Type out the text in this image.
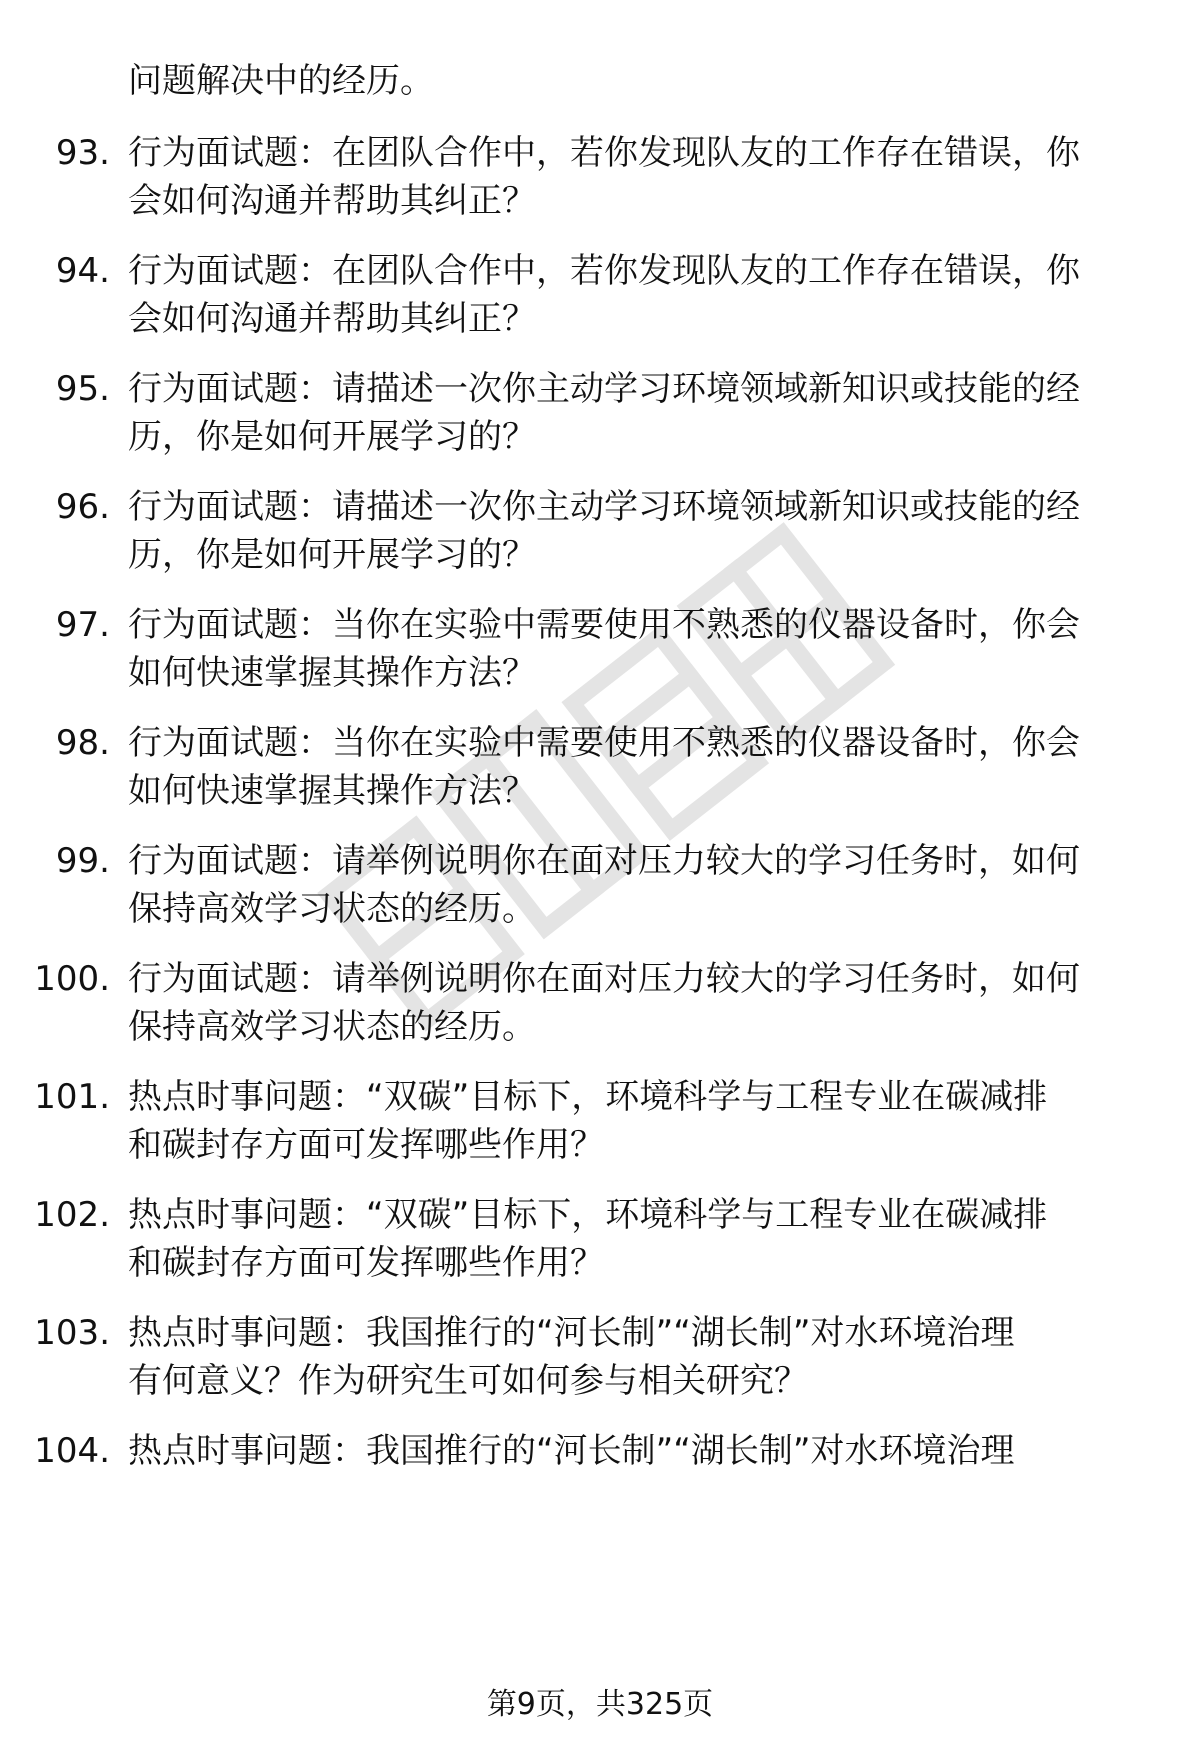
问题解决中的经历。
93. 行为面试题：在团队合作中，若你发现队友的工作存在错误，你
会如何沟通并帮助其纠正？
94. 行为面试题：在团队合作中，若你发现队友的工作存在错误，你
会如何沟通并帮助其纠正？
95. 行为面试题：请描述一次你主动学习环境领域新知识或技能的经
历，你是如何开展学习的？
96. 行为面试题：请描述一次你主动学习环境领域新知识或技能的经
历，你是如何开展学习的？
97. 行为面试题：当你在实验中需要使用不熟悉的仪器设备时，你会
如何快速掌握其操作方法？
98. 行为面试题：当你在实验中需要使用不熟悉的仪器设备时，你会
如何快速掌握其操作方法？
99. 行为面试题：请举例说明你在面对压力较大的学习任务时，如何
保持高效学习状态的经历。
100. 行为面试题：请举例说明你在面对压力较大的学习任务时，如何
保持高效学习状态的经历。
101. 热点时事问题：“双碳”目标下，环境科学与工程专业在碳减排
和碳封存方面可发挥哪些作用？
102. 热点时事问题：“双碳”目标下，环境科学与工程专业在碳减排
和碳封存方面可发挥哪些作用？
103. 热点时事问题：我国推行的“河长制”“湖长制”对水环境治理
有何意义？作为研究生可如何参与相关研究？
104. 热点时事问题：我国推行的“河长制”“湖长制”对水环境治理
第9页，共325页
